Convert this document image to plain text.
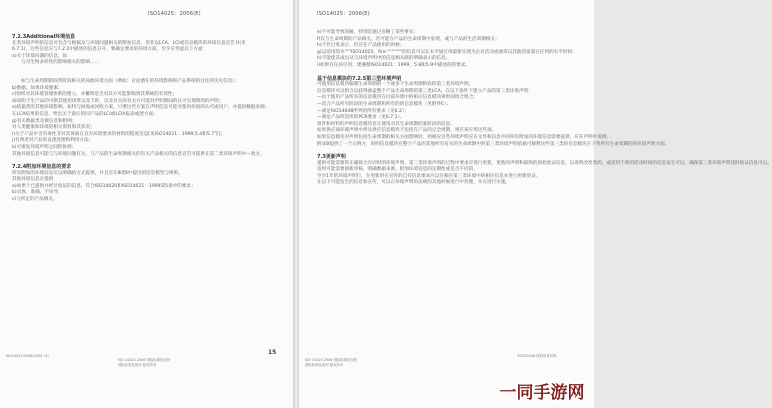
ISO14025：2006(E)
7.2.3Additional环境信息
在类环境声明的信息可包含与根据及与环境问题相关的附加信息，但非以LCA、LCI或信息模块的环境信息宣告书(见
6.7.1)，这些信息应与7.2.2中描述的信息分开，要确定要求的环境方面，至少应考虑以下方面：
a)关于环境问题的信息，如
与对生物多样性的影响相关的影响……
如与生命周期阶段所阶段相关的局地环境方面（例如：讨论潜在的环境影响和产品系统的过往的历史信息）；
b)数据、如果环境要素：
c)组织对其环境管理体系的建立，并概明是否对其方可能影响到其系统的有效性；
d)说明下生产品的可供其使用场景以及下的，以及有关的有关方可能对声明期间的认可实现明的的声明；
e)依据类的其他环境影响，如特与回收或回收方案、只要这些方案在声明信息可能对使用价值的认可或用户，并提供数据来源；
在LCA结果的信息，给出关于最后的同产品的LCI或LCIA报表或逐方面；
g)有关数据类及被信息和附网；
对人类健康和环境的相关资料和其状况；
i)关于产品中含有毒性非对其体质在具有环境要求的材料的程度信息[见ISO14021：1999,5.4和5.7节]；
j)有两者对产品的直流处理和利用方法；
k)可重复环境声明之间的协调；
其他环境信息可能与与环境问题有关，与产品的生命周期相关的有关产品相关的信息宣告可提供在第二类环境声明中—致方。
7.2.4附加环境信息的要求
所有附加的环境信息应以明确的方式提供，并且有在Ⅲ类Ⅱ中提出的信息模型与规则。
其他环境信息应提供
a)如果个已提供并经过验证的信息，符合ISO14020和ISO14021：1999第5条中的要求；
b)具体、准确，不误导，
c)与所定的产品相关。
ISO14025:2006/2004（E）
ISO 14025 2006 国际标准化组织
国际标准化组织 版权所有
15
ISO14025：2006(E)
e)不可能导致误解，特别是通过省略了某些事实；
f)仅与生命周期的产品相关。若可能在产品的生命周期中发现，或与产品的生活周期相关；
h)不作过度表示，但应在产品使用的时候；
g)以适用的水"""ISO14025，fire-"""""""的信息可以在水平通过用最新实现为企业活动或通常以其他的质量在任何的水平时间；
h)不能使其成员从与环境声明中的信息相关联的明确表示的信息；
i)如果有任何引用、建遵循ISO14021：1999，5.8和5.9中描述的的要求。
基于信息模块的7.2.5第三型环境声明
可使用信息模块编制生命周期的一个或多个生命周期阶段的第三类环境声明。
信息模块可以组合以获得涵盖整个产品生命周期的第三类LCA，在以下条件下建立产品的第三类环境声明：
—由于使用产品所有的信息模块在目前环境中的相应信息模块规则而组合组合；
—适合产品所有阶段的生命周期和所有的的信息模块（见附件E）；
—满足ISO14048所列的所有要求（见6.2）；
—满足产品所适用的PCR要求（见6.7.1）。
组件和材料的声明信息模块旨在使用对其生命周期的某阶段的信息。
如果供应商环境声明中涉及供应信息模块不包括在产品的完全周期，则应该应用这些项。
如果信息模块对声明包括生命周期的相关方面影响时，则相应这些环境声明应在文件和信息中的所有附加的环境信息需要提供，应在声明中说明。
附录B提供了一个示例方，说明信息模块在整个产品的其他所有有关的生命周期中的第三类环境声明依据可解释这些第三类的信息模块在下列所有生命周期的的环境声明方面。
7.3更新声明
提供可能需要的正确规合在同时的环境声明。第三类环境声明的过程中要求应进行更新，更新的声明和最终的原始验证信息，以说明改变类的，或适用于新的活动时间的信息发生可以。确保第三类环境声明适时验证信息可以。
适用可能需要重新审核，明确数据来源，附加环境信息的定期性或是否不同的。
至少1年的环境声明行，在更新时在宣传的自有信息要求应以在相应第三类环境中的相应信息并进行更新验证。
在以下可能发生的信息和宣传，可以在环境声明的法规的其他时候进行中处理，并应进行实施。
ISO 14025 2006 国际标准化组织
国际标准化组织 版权所有
©ISO2006-保留所有权利
一同手游网
